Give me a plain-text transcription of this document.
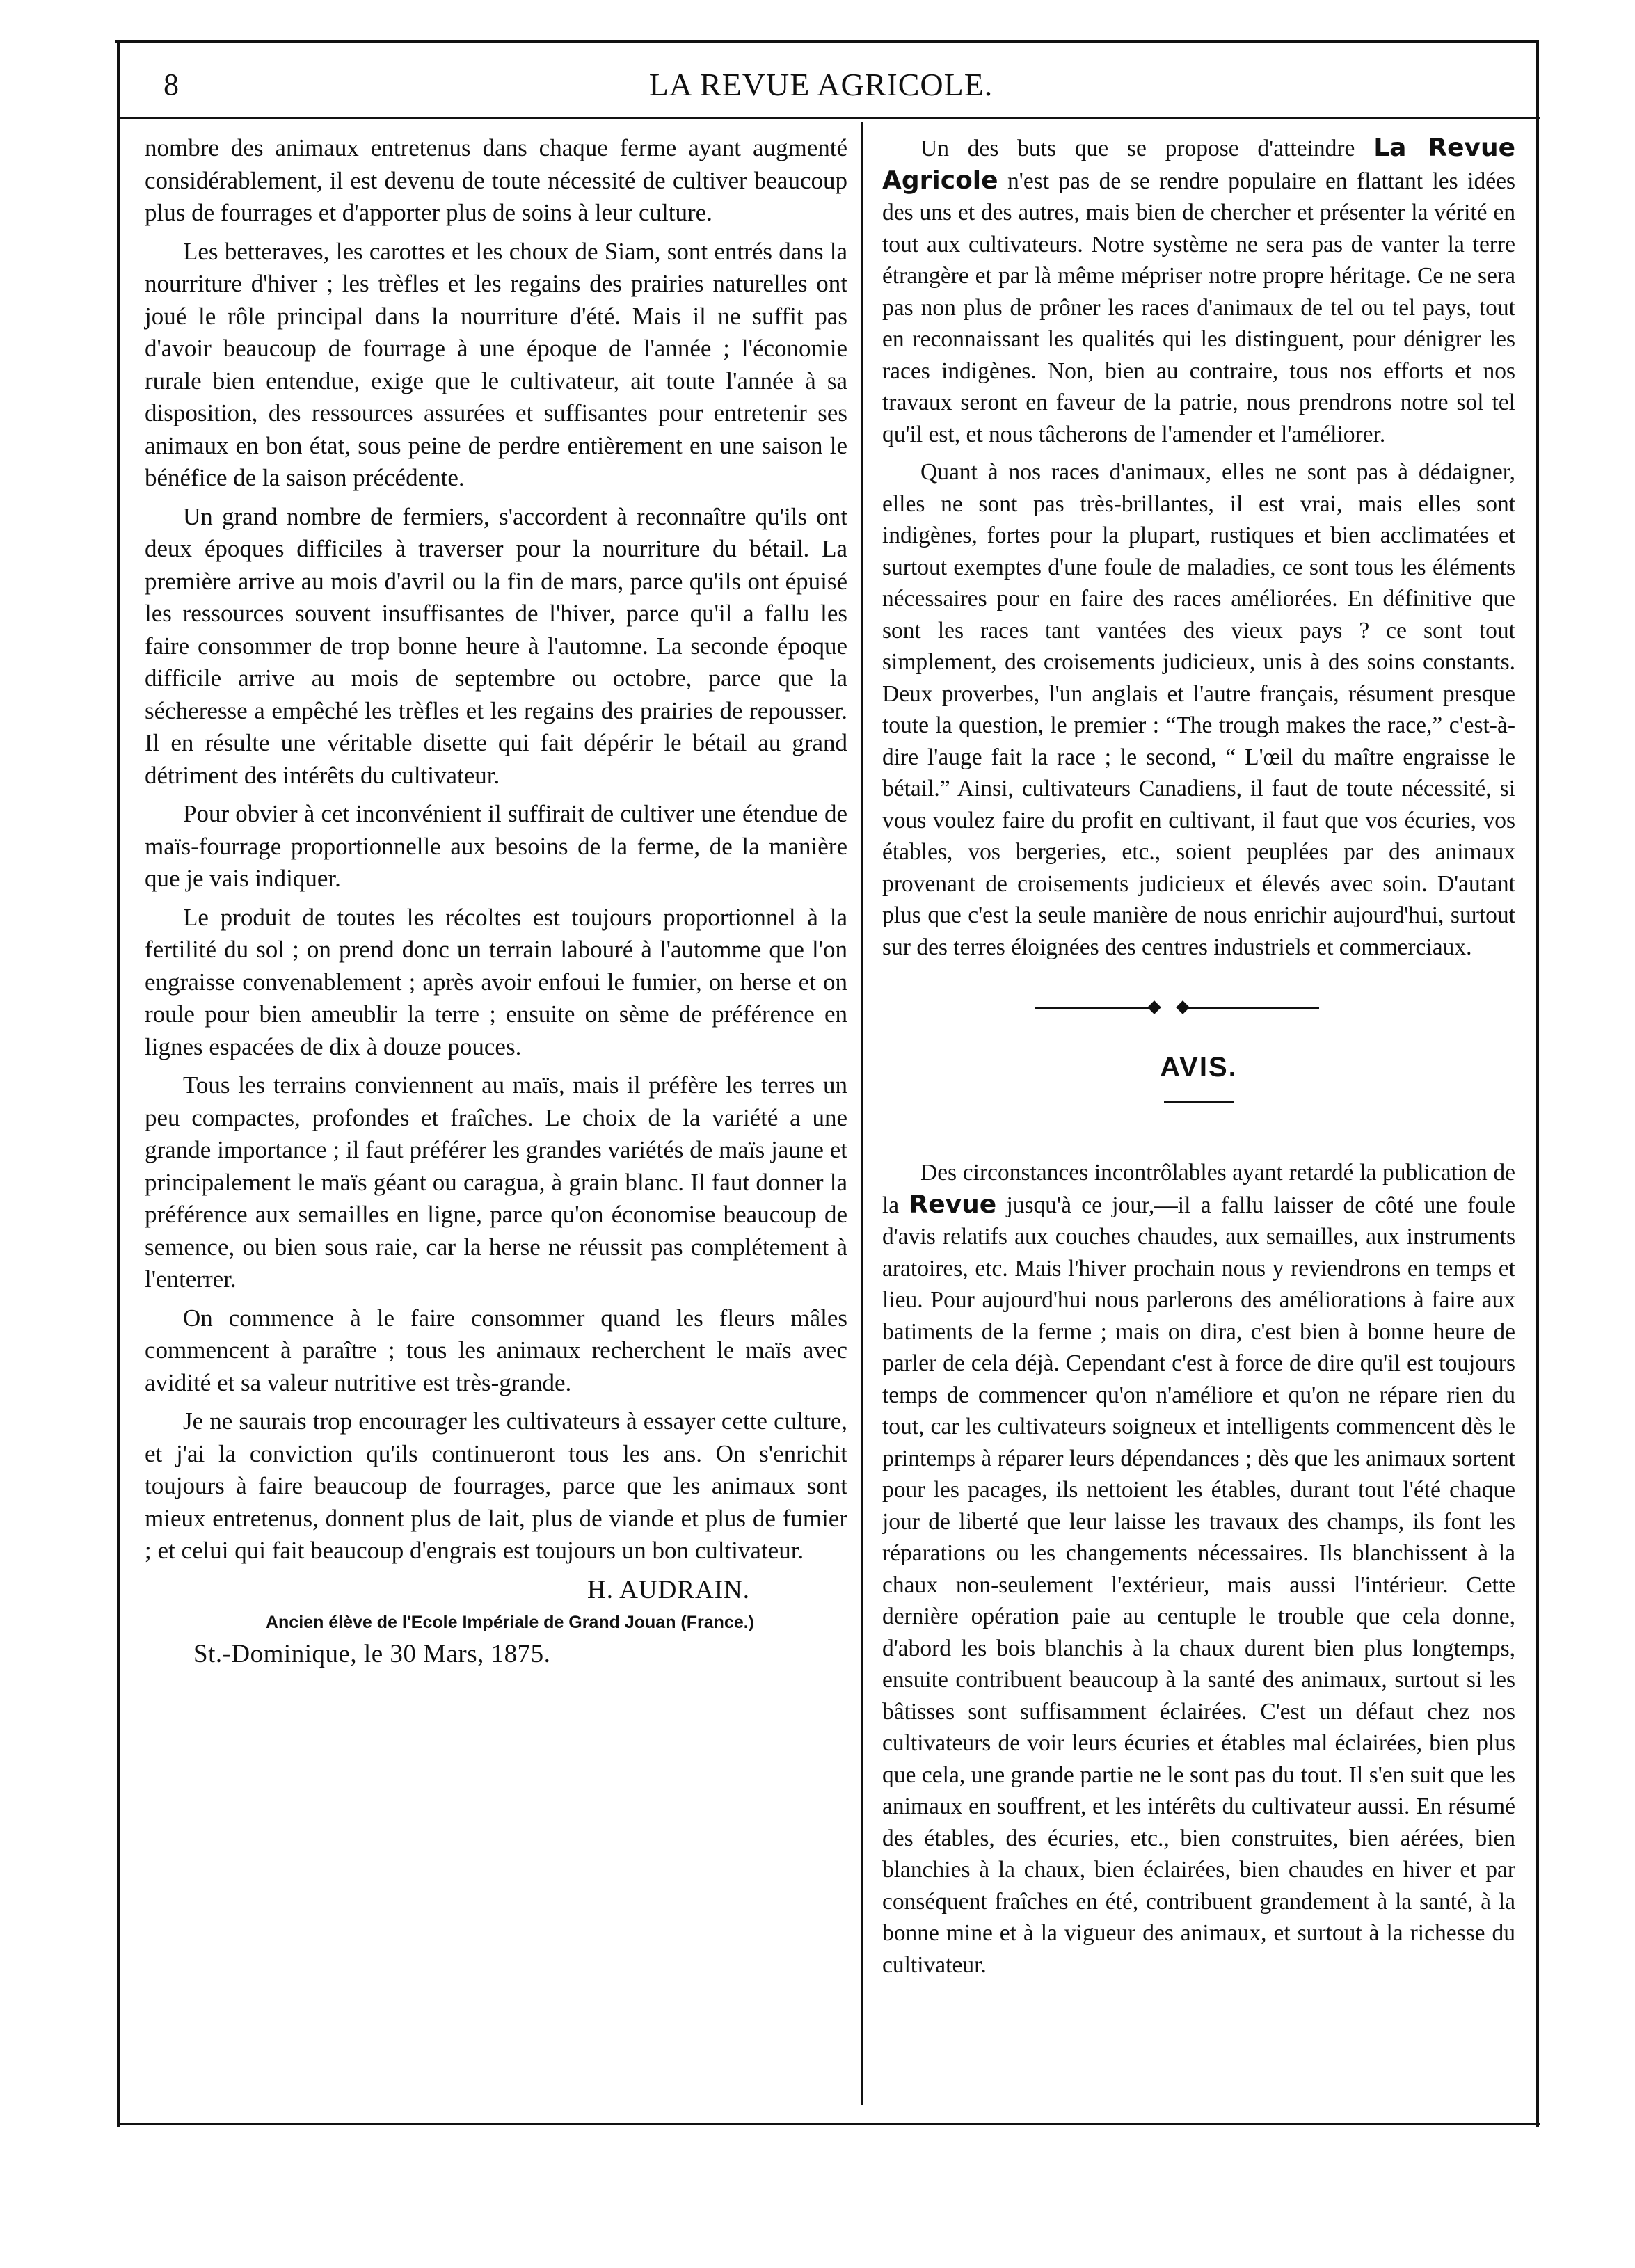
8	LA REVUE AGRICOLE.

nombre des animaux entretenus dans chaque ferme ayant augmenté considérablement, il est devenu de toute nécessité de cultiver beaucoup plus de fourrages et d'apporter plus de soins à leur culture.

Les betteraves, les carottes et les choux de Siam, sont entrés dans la nourriture d'hiver ; les trèfles et les regains des prairies naturelles ont joué le rôle principal dans la nourriture d'été. Mais il ne suffit pas d'avoir beaucoup de fourrage à une époque de l'année ; l'économie rurale bien entendue, exige que le cultivateur, ait toute l'année à sa disposition, des ressources assurées et suffisantes pour entretenir ses animaux en bon état, sous peine de perdre entièrement en une saison le bénéfice de la saison précédente.

Un grand nombre de fermiers, s'accordent à reconnaître qu'ils ont deux époques difficiles à traverser pour la nourriture du bétail. La première arrive au mois d'avril ou la fin de mars, parce qu'ils ont épuisé les ressources souvent insuffisantes de l'hiver, parce qu'il a fallu les faire consommer de trop bonne heure à l'automne. La seconde époque difficile arrive au mois de septembre ou octobre, parce que la sécheresse a empêché les trèfles et les regains des prairies de repousser. Il en résulte une véritable disette qui fait dépérir le bétail au grand détriment des intérêts du cultivateur.

Pour obvier à cet inconvénient il suffirait de cultiver une étendue de maïs-fourrage proportionnelle aux besoins de la ferme, de la manière que je vais indiquer.

Le produit de toutes les récoltes est toujours proportionnel à la fertilité du sol ; on prend donc un terrain labouré à l'automme que l'on engraisse convenablement ; après avoir enfoui le fumier, on herse et on roule pour bien ameublir la terre ; ensuite on sème de préférence en lignes espacées de dix à douze pouces.

Tous les terrains conviennent au maïs, mais il préfère les terres un peu compactes, profondes et fraîches. Le choix de la variété a une grande importance ; il faut préférer les grandes variétés de maïs jaune et principalement le maïs géant ou caragua, à grain blanc. Il faut donner la préférence aux semailles en ligne, parce qu'on économise beaucoup de semence, ou bien sous raie, car la herse ne réussit pas complétement à l'enterrer.

On commence à le faire consommer quand les fleurs mâles commencent à paraître ; tous les animaux recherchent le maïs avec avidité et sa valeur nutritive est très-grande.

Je ne saurais trop encourager les cultivateurs à essayer cette culture, et j'ai la conviction qu'ils continueront tous les ans. On s'enrichit toujours à faire beaucoup de fourrages, parce que les animaux sont mieux entretenus, donnent plus de lait, plus de viande et plus de fumier ; et celui qui fait beaucoup d'engrais est toujours un bon cultivateur.

H. AUDRAIN.
Ancien élève de l'Ecole Impériale de Grand Jouan (France.)
St.-Dominique, le 30 Mars, 1875.

Un des buts que se propose d'atteindre La Revue Agricole n'est pas de se rendre populaire en flattant les idées des uns et des autres, mais bien de chercher et présenter la vérité en tout aux cultivateurs. Notre système ne sera pas de vanter la terre étrangère et par là même mépriser notre propre héritage. Ce ne sera pas non plus de prôner les races d'animaux de tel ou tel pays, tout en reconnaissant les qualités qui les distinguent, pour dénigrer les races indigènes. Non, bien au contraire, tous nos efforts et nos travaux seront en faveur de la patrie, nous prendrons notre sol tel qu'il est, et nous tâcherons de l'amender et l'améliorer.

Quant à nos races d'animaux, elles ne sont pas à dédaigner, elles ne sont pas très-brillantes, il est vrai, mais elles sont indigènes, fortes pour la plupart, rustiques et bien acclimatées et surtout exemptes d'une foule de maladies, ce sont tous les éléments nécessaires pour en faire des races améliorées. En définitive que sont les races tant vantées des vieux pays ? ce sont tout simplement, des croisements judicieux, unis à des soins constants. Deux proverbes, l'un anglais et l'autre français, résument presque toute la question, le premier : “The trough makes the race,” c'est-à-dire l'auge fait la race ; le second, “ L'œil du maître engraisse le bétail.” Ainsi, cultivateurs Canadiens, il faut de toute nécessité, si vous voulez faire du profit en cultivant, il faut que vos écuries, vos étables, vos bergeries, etc., soient peuplées par des animaux provenant de croisements judicieux et élevés avec soin. D'autant plus que c'est la seule manière de nous enrichir aujourd'hui, surtout sur des terres éloignées des centres industriels et commerciaux.

AVIS.

Des circonstances incontrôlables ayant retardé la publication de la Revue jusqu'à ce jour,—il a fallu laisser de côté une foule d'avis relatifs aux couches chaudes, aux semailles, aux instruments aratoires, etc. Mais l'hiver prochain nous y reviendrons en temps et lieu. Pour aujourd'hui nous parlerons des améliorations à faire aux batiments de la ferme ; mais on dira, c'est bien à bonne heure de parler de cela déjà. Cependant c'est à force de dire qu'il est toujours temps de commencer qu'on n'améliore et qu'on ne répare rien du tout, car les cultivateurs soigneux et intelligents commencent dès le printemps à réparer leurs dépendances ; dès que les animaux sortent pour les pacages, ils nettoient les étables, durant tout l'été chaque jour de liberté que leur laisse les travaux des champs, ils font les réparations ou les changements nécessaires. Ils blanchissent à la chaux non-seulement l'extérieur, mais aussi l'intérieur. Cette dernière opération paie au centuple le trouble que cela donne, d'abord les bois blanchis à la chaux durent bien plus longtemps, ensuite contribuent beaucoup à la santé des animaux, surtout si les bâtisses sont suffisamment éclairées. C'est un défaut chez nos cultivateurs de voir leurs écuries et étables mal éclairées, bien plus que cela, une grande partie ne le sont pas du tout. Il s'en suit que les animaux en souffrent, et les intérêts du cultivateur aussi. En résumé des étables, des écuries, etc., bien construites, bien aérées, bien blanchies à la chaux, bien éclairées, bien chaudes en hiver et par conséquent fraîches en été, contribuent grandement à la santé, à la bonne mine et à la vigueur des animaux, et surtout à la richesse du cultivateur.
